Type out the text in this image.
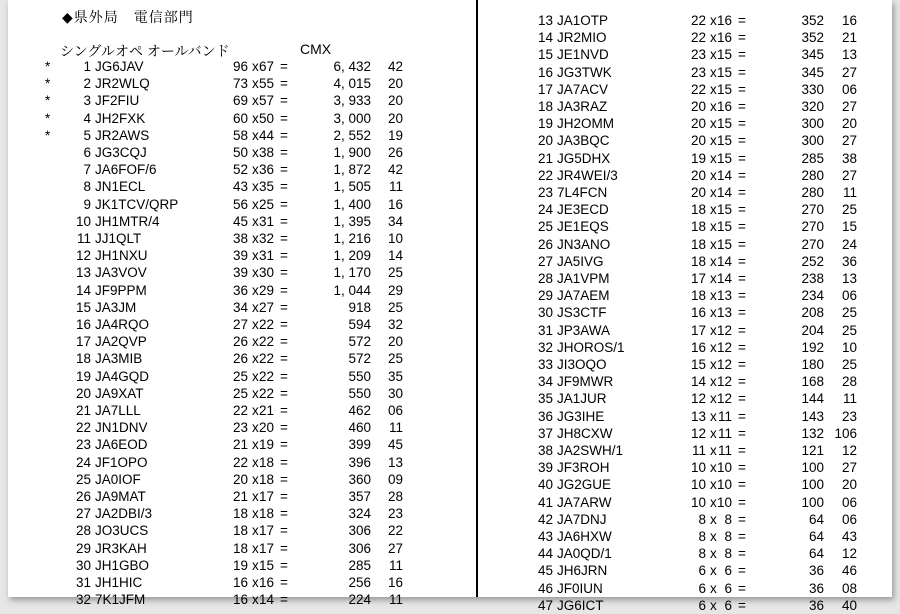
◆県外局　電信部門
シングルオペ オールバンド	CMX
*	1 JG6JAV	96 x 67 =	6, 432	42
*	2 JR2WLQ	73 x 55 =	4, 015	20
*	3 JF2FIU	69 x 57 =	3, 933	20
*	4 JH2FXK	60 x 50 =	3, 000	20
*	5 JR2AWS	58 x 44 =	2, 552	19
6 JG3CQJ	50 x 38 =	1, 900	26
7 JA6FOF/6	52 x 36 =	1, 872	42
8 JN1ECL	43 x 35 =	1, 505	11
9 JK1TCV/QRP	56 x 25 =	1, 400	16
10 JH1MTR/4	45 x 31 =	1, 395	34
11 JJ1QLT	38 x 32 =	1, 216	10
12 JH1NXU	39 x 31 =	1, 209	14
13 JA3VOV	39 x 30 =	1, 170	25
14 JF9PPM	36 x 29 =	1, 044	29
15 JA3JM	34 x 27 =	918	25
16 JA4RQO	27 x 22 =	594	32
17 JA2QVP	26 x 22 =	572	20
18 JA3MIB	26 x 22 =	572	25
19 JA4GQD	25 x 22 =	550	35
20 JA9XAT	25 x 22 =	550	30
21 JA7LLL	22 x 21 =	462	06
22 JN1DNV	23 x 20 =	460	11
23 JA6EOD	21 x 19 =	399	45
24 JF1OPO	22 x 18 =	396	13
25 JA0IOF	20 x 18 =	360	09
26 JA9MAT	21 x 17 =	357	28
27 JA2DBI/3	18 x 18 =	324	23
28 JO3UCS	18 x 17 =	306	22
29 JR3KAH	18 x 17 =	306	27
30 JH1GBO	19 x 15 =	285	11
31 JH1HIC	16 x 16 =	256	16
32 7K1JFM	16 x 14 =	224	11
13 JA1OTP	22 x 16 =	352	16
14 JR2MIO	22 x 16 =	352	21
15 JE1NVD	23 x 15 =	345	13
16 JG3TWK	23 x 15 =	345	27
17 JA7ACV	22 x 15 =	330	06
18 JA3RAZ	20 x 16 =	320	27
19 JH2OMM	20 x 15 =	300	20
20 JA3BQC	20 x 15 =	300	27
21 JG5DHX	19 x 15 =	285	38
22 JR4WEI/3	20 x 14 =	280	27
23 7L4FCN	20 x 14 =	280	11
24 JE3ECD	18 x 15 =	270	25
25 JE1EQS	18 x 15 =	270	15
26 JN3ANO	18 x 15 =	270	24
27 JA5IVG	18 x 14 =	252	36
28 JA1VPM	17 x 14 =	238	13
29 JA7AEM	18 x 13 =	234	06
30 JS3CTF	16 x 13 =	208	25
31 JP3AWA	17 x 12 =	204	25
32 JHOROS/1	16 x 12 =	192	10
33 JI3OQO	15 x 12 =	180	25
34 JF9MWR	14 x 12 =	168	28
35 JA1JUR	12 x 12 =	144	11
36 JG3IHE	13 x 11 =	143	23
37 JH8CXW	12 x 11 =	132 106
38 JA2SWH/1	11 x 11 =	121	12
39 JF3ROH	10 x 10 =	100	27
40 JG2GUE	10 x 10 =	100	20
41 JA7ARW	10 x 10 =	100	06
42 JA7DNJ	8 x 8 =	64	06
43 JA6HXW	8 x 8 =	64	43
44 JA0QD/1	8 x 8 =	64	12
45 JH6JRN	6 x 6 =	36	46
46 JF0IUN	6 x 6 =	36	08
47 JG6ICT	6 x 6 =	36	40
